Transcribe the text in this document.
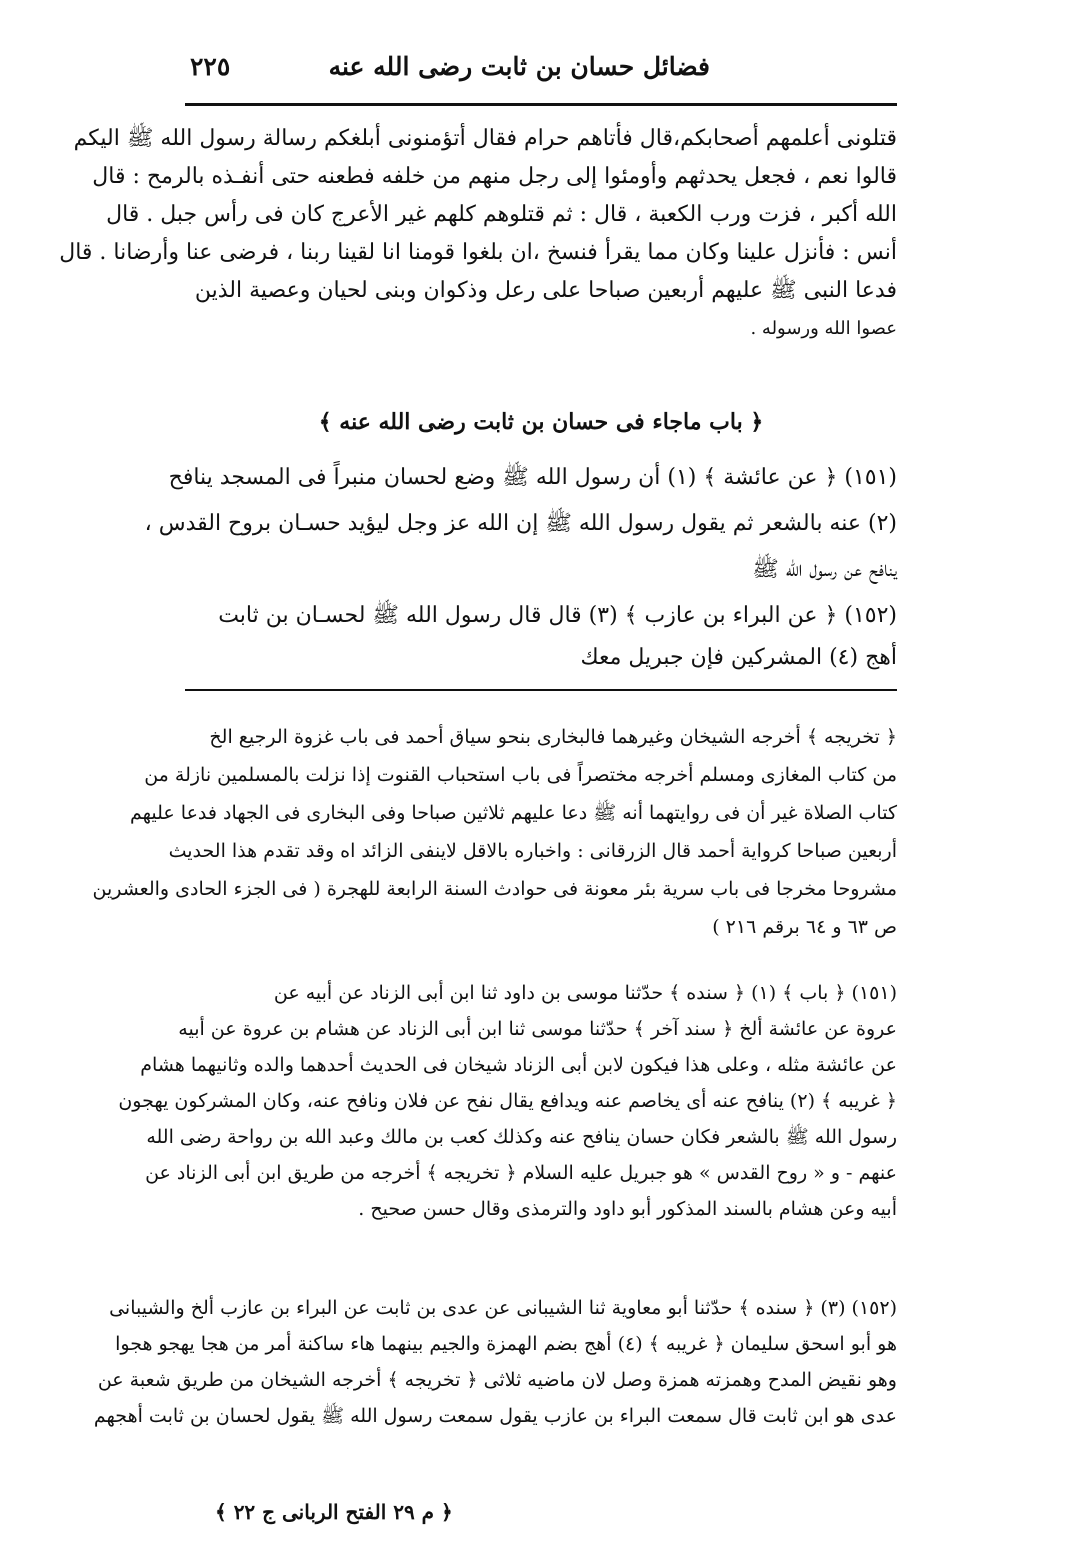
فضائل حسان بن ثابت رضى الله عنه
٢٢٥
قتلونى أعلمهم أصحابكم،قال فأتاهم حرام فقال أتؤمنونى أبلغكم رسالة رسول الله ﷺ اليكم
قالوا نعم ، فجعل يحدثهم وأومئوا إلى رجل منهم من خلفه فطعنه حتى أنفـذه بالرمح : قال
الله أكبر ، فزت ورب الكعبة ، قال : ثم قتلوهم كلهم غير الأعرج كان فى رأس جبل . قال
أنس : فأنزل علينا وكان مما يقرأ فنسخ ،ان بلغوا قومنا انا لقينا ربنا ، فرضى عنا وأرضانا . قال
فدعا النبى ﷺ عليهم أربعين صباحا على رعل وذكوان وبنى لحيان وعصية الذين
عصوا الله ورسوله .
﴿ باب ماجاء فى حسان بن ثابت رضى الله عنه ﴾
(١٥١) ﴿ عن عائشة ﴾ (١) أن رسول الله ﷺ وضع لحسان منبراً فى المسجد ينافح
(٢) عنه بالشعر ثم يقول رسول الله ﷺ إن الله عز وجل ليؤيد حسـان بروح القدس ،
ينافح عن رسول الله ﷺ
(١٥٢) ﴿ عن البراء بن عازب ﴾ (٣) قال قال رسول الله ﷺ لحسـان بن ثابت
أهج (٤) المشركين فإن جبريل معك
﴿ تخريجه ﴾ أخرجه الشيخان وغيرهما فالبخارى بنحو سياق أحمد فى باب غزوة الرجيع الخ
من كتاب المغازى ومسلم أخرجه مختصراً فى باب استحباب القنوت إذا نزلت بالمسلمين نازلة من
كتاب الصلاة غير أن فى روايتهما أنه ﷺ دعا عليهم ثلاثين صباحا وفى البخارى فى الجهاد فدعا عليهم
أربعين صباحا كرواية أحمد قال الزرقانى : واخباره بالاقل لاينفى الزائد اه وقد تقدم هذا الحديث
مشروحا مخرجا فى باب سرية بئر معونة فى حوادث السنة الرابعة للهجرة ( فى الجزء الحادى والعشرين
ص ٦٣ و ٦٤ برقم ٢١٦ )
(١٥١) ﴿ باب ﴾ (١) ﴿ سنده ﴾ حدّثنا موسى بن داود ثنا ابن أبى الزناد عن أبيه عن
عروة عن عائشة ألخ ﴿ سند آخر ﴾ حدّثنا موسى ثنا ابن أبى الزناد عن هشام بن عروة عن أبيه
عن عائشة مثله ، وعلى هذا فيكون لابن أبى الزناد شيخان فى الحديث أحدهما والده وثانيهما هشام
﴿ غريبه ﴾ (٢) ينافح عنه أى يخاصم عنه ويدافع يقال نفح عن فلان ونافح عنه، وكان المشركون يهجون
رسول الله ﷺ بالشعر فكان حسان ينافح عنه وكذلك كعب بن مالك وعبد الله بن رواحة رضى الله
عنهم - و « روح القدس » هو جبريل عليه السلام ﴿ تخريجه ﴾ أخرجه من طريق ابن أبى الزناد عن
أبيه وعن هشام بالسند المذكور أبو داود والترمذى وقال حسن صحيح .
(١٥٢) (٣) ﴿ سنده ﴾ حدّثنا أبو معاوية ثنا الشيبانى عن عدى بن ثابت عن البراء بن عازب ألخ والشيبانى
هو أبو اسحق سليمان ﴿ غريبه ﴾ (٤) أهج بضم الهمزة والجيم بينهما هاء ساكنة أمر من هجا يهجو هجوا
وهو نقيض المدح وهمزته همزة وصل لان ماضيه ثلاثى ﴿ تخريجه ﴾ أخرجه الشيخان من طريق شعبة عن
عدى هو ابن ثابت قال سمعت البراء بن عازب يقول سمعت رسول الله ﷺ يقول لحسان بن ثابت أهجهم
﴿ م ٢٩ الفتح الربانى ج ٢٢ ﴾
